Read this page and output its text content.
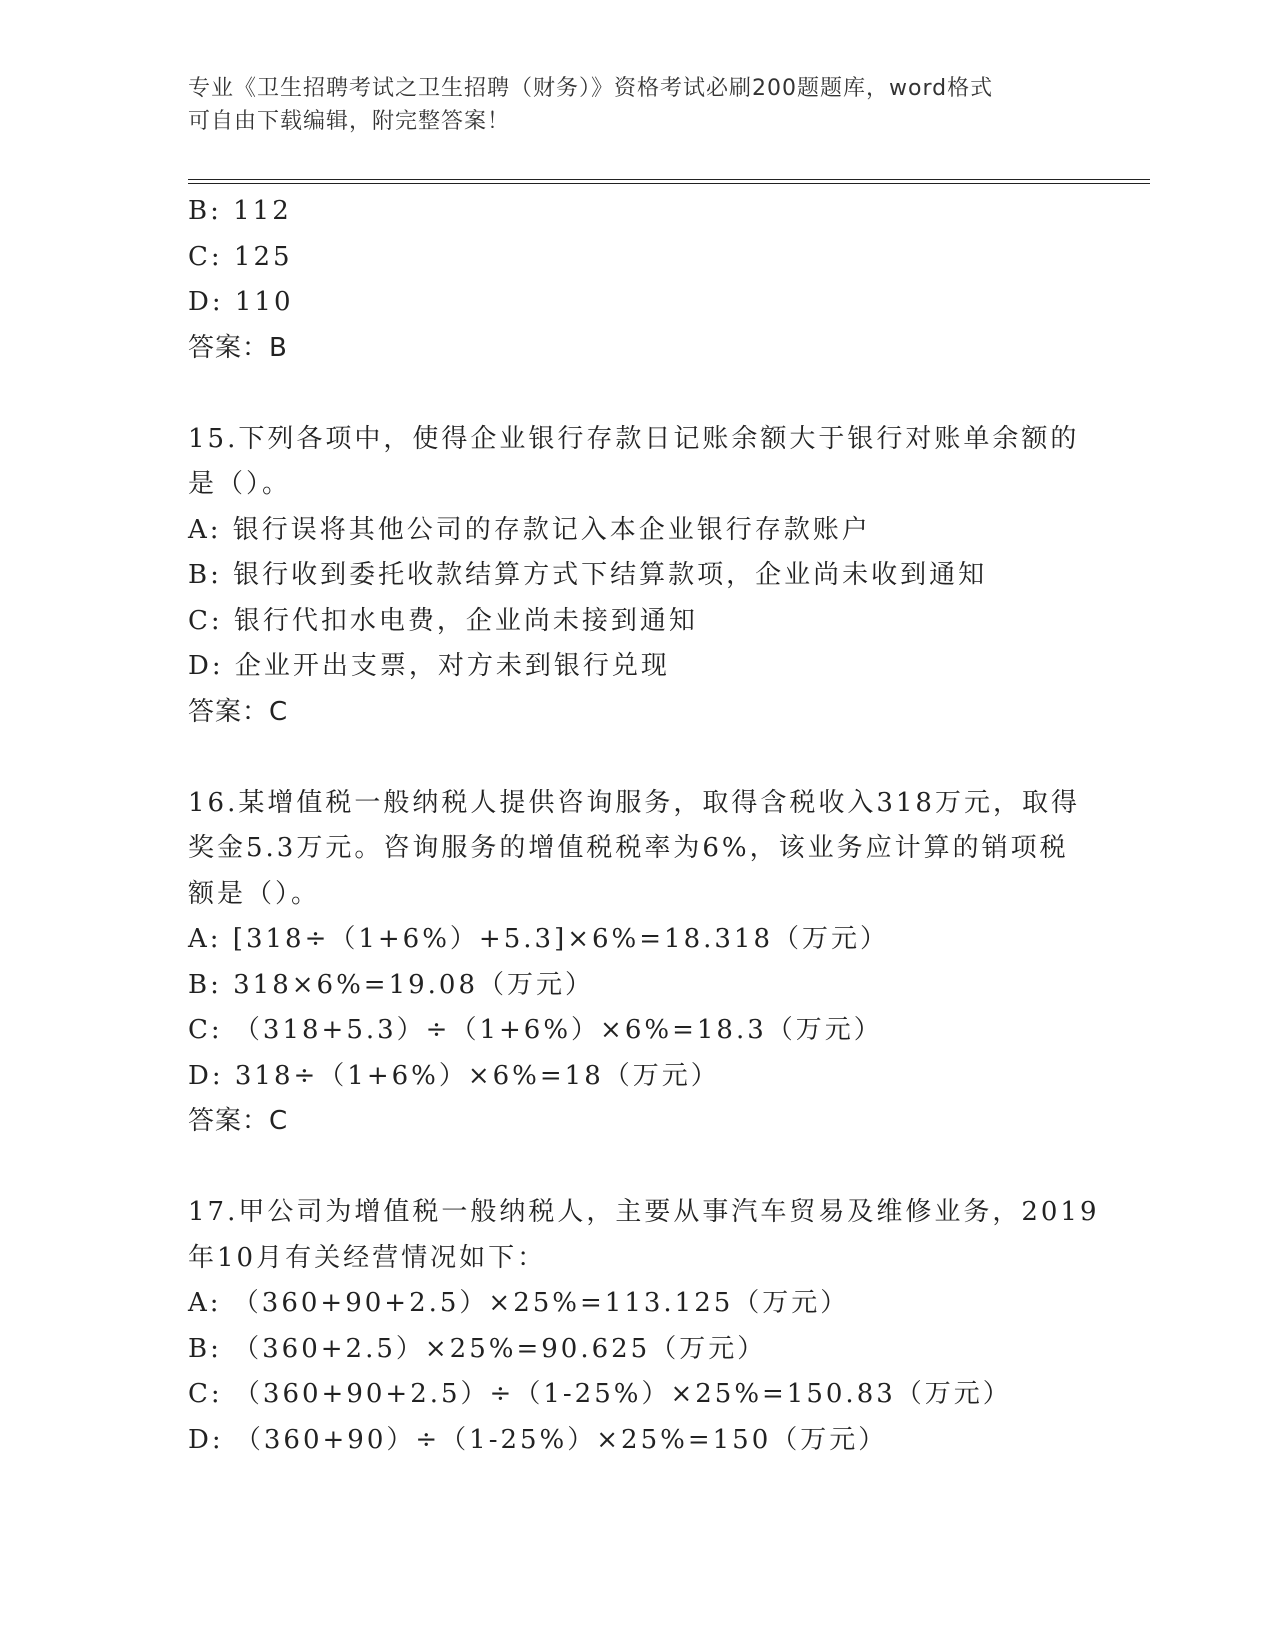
专业《卫生招聘考试之卫生招聘（财务）》资格考试必刷200题题库，word格式
可自由下载编辑，附完整答案！
B: 112
C: 125
D: 110
答案：B
15.下列各项中，使得企业银行存款日记账余额大于银行对账单余额的
是（）。
A: 银行误将其他公司的存款记入本企业银行存款账户
B: 银行收到委托收款结算方式下结算款项，企业尚未收到通知
C: 银行代扣水电费，企业尚未接到通知
D: 企业开出支票，对方未到银行兑现
答案：C
16.某增值税一般纳税人提供咨询服务，取得含税收入318万元，取得
奖金5.3万元。咨询服务的增值税税率为6%，该业务应计算的销项税
额是（）。
A: [318÷（1+6%）+5.3]×6%=18.318（万元）
B: 318×6%=19.08（万元）
C: （318+5.3）÷（1+6%）×6%=18.3（万元）
D: 318÷（1+6%）×6%=18（万元）
答案：C
17.甲公司为增值税一般纳税人，主要从事汽车贸易及维修业务，2019
年10月有关经营情况如下：
A: （360+90+2.5）×25%=113.125（万元）
B: （360+2.5）×25%=90.625（万元）
C: （360+90+2.5）÷（1-25%）×25%=150.83（万元）
D: （360+90）÷（1-25%）×25%=150（万元）
